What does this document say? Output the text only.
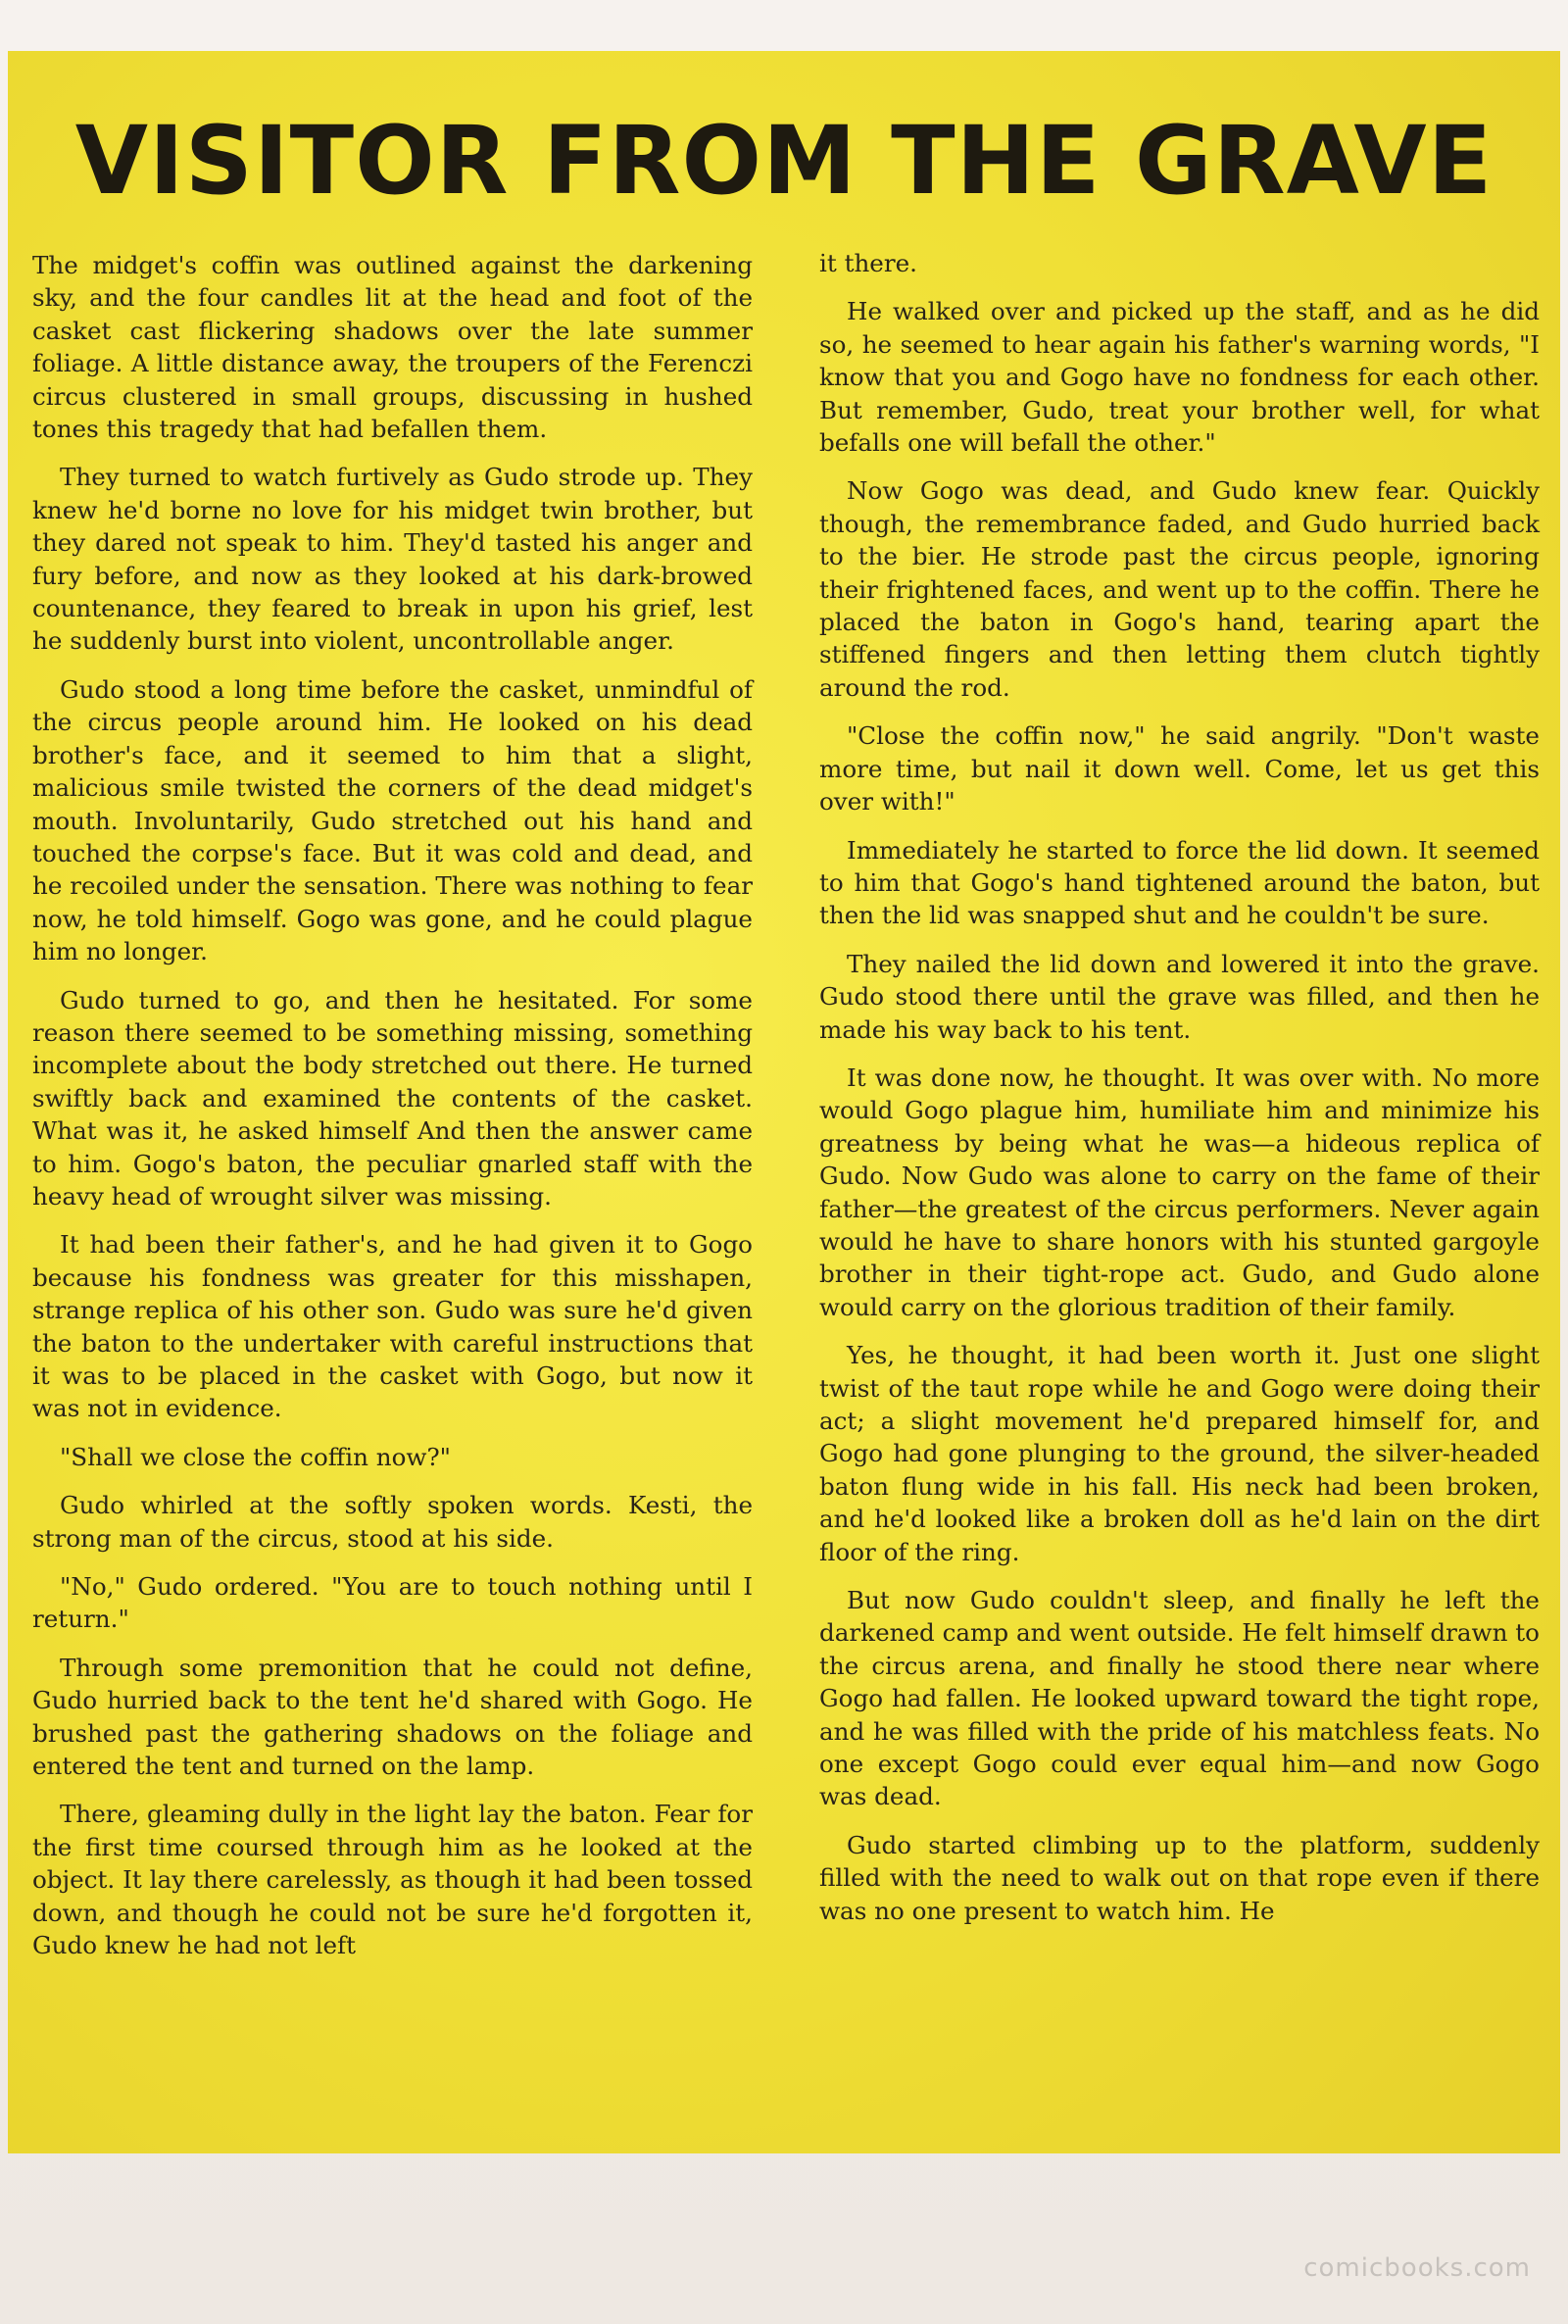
VISITOR FROM THE GRAVE

The midget's coffin was outlined against the darkening sky, and the four candles lit at the head and foot of the casket cast flickering shadows over the late summer foliage. A little distance away, the troupers of the Ferenczi circus clustered in small groups, discussing in hushed tones this tragedy that had befallen them.

They turned to watch furtively as Gudo strode up. They knew he'd borne no love for his midget twin brother, but they dared not speak to him. They'd tasted his anger and fury before, and now as they looked at his dark-browed countenance, they feared to break in upon his grief, lest he suddenly burst into violent, uncontrollable anger.

Gudo stood a long time before the casket, unmindful of the circus people around him. He looked on his dead brother's face, and it seemed to him that a slight, malicious smile twisted the corners of the dead midget's mouth. Involuntarily, Gudo stretched out his hand and touched the corpse's face. But it was cold and dead, and he recoiled under the sensation. There was nothing to fear now, he told himself. Gogo was gone, and he could plague him no longer.

Gudo turned to go, and then he hesitated. For some reason there seemed to be something missing, something incomplete about the body stretched out there. He turned swiftly back and examined the contents of the casket. What was it, he asked himself And then the answer came to him. Gogo's baton, the peculiar gnarled staff with the heavy head of wrought silver was missing.

It had been their father's, and he had given it to Gogo because his fondness was greater for this misshapen, strange replica of his other son. Gudo was sure he'd given the baton to the undertaker with careful instructions that it was to be placed in the casket with Gogo, but now it was not in evidence.

"Shall we close the coffin now?"

Gudo whirled at the softly spoken words. Kesti, the strong man of the circus, stood at his side.

"No," Gudo ordered. "You are to touch nothing until I return."

Through some premonition that he could not define, Gudo hurried back to the tent he'd shared with Gogo. He brushed past the gathering shadows on the foliage and entered the tent and turned on the lamp.

There, gleaming dully in the light lay the baton. Fear for the first time coursed through him as he looked at the object. It lay there carelessly, as though it had been tossed down, and though he could not be sure he'd forgotten it, Gudo knew he had not left

it there.

He walked over and picked up the staff, and as he did so, he seemed to hear again his father's warning words, "I know that you and Gogo have no fondness for each other. But remember, Gudo, treat your brother well, for what befalls one will befall the other."

Now Gogo was dead, and Gudo knew fear. Quickly though, the remembrance faded, and Gudo hurried back to the bier. He strode past the circus people, ignoring their frightened faces, and went up to the coffin. There he placed the baton in Gogo's hand, tearing apart the stiffened fingers and then letting them clutch tightly around the rod.

"Close the coffin now," he said angrily. "Don't waste more time, but nail it down well. Come, let us get this over with!"

Immediately he started to force the lid down. It seemed to him that Gogo's hand tightened around the baton, but then the lid was snapped shut and he couldn't be sure.

They nailed the lid down and lowered it into the grave. Gudo stood there until the grave was filled, and then he made his way back to his tent.

It was done now, he thought. It was over with. No more would Gogo plague him, humiliate him and minimize his greatness by being what he was—a hideous replica of Gudo. Now Gudo was alone to carry on the fame of their father—the greatest of the circus performers. Never again would he have to share honors with his stunted gargoyle brother in their tight-rope act. Gudo, and Gudo alone would carry on the glorious tradition of their family.

Yes, he thought, it had been worth it. Just one slight twist of the taut rope while he and Gogo were doing their act; a slight movement he'd prepared himself for, and Gogo had gone plunging to the ground, the silver-headed baton flung wide in his fall. His neck had been broken, and he'd looked like a broken doll as he'd lain on the dirt floor of the ring.

But now Gudo couldn't sleep, and finally he left the darkened camp and went outside. He felt himself drawn to the circus arena, and finally he stood there near where Gogo had fallen. He looked upward toward the tight rope, and he was filled with the pride of his matchless feats. No one except Gogo could ever equal him—and now Gogo was dead.

Gudo started climbing up to the platform, suddenly filled with the need to walk out on that rope even if there was no one present to watch him. He

comicbooks.com
